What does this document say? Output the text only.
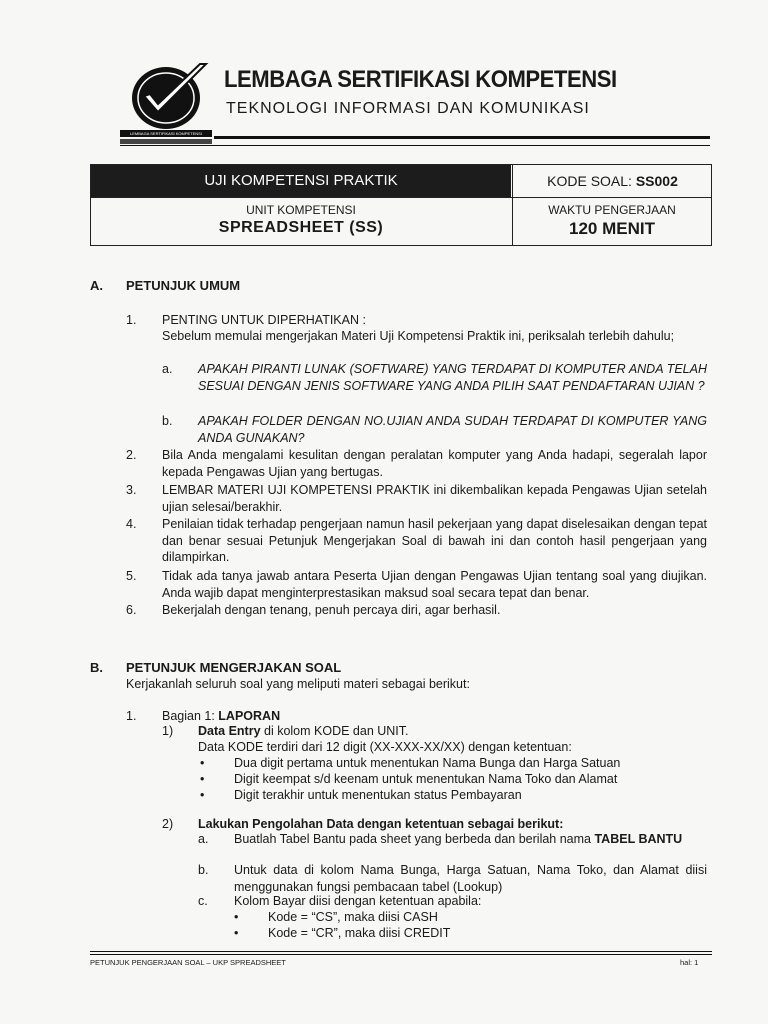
LEMBAGA SERTIFIKASI KOMPETENSI
TEKNOLOGI INFORMASI DAN KOMUNIKASI
LEMBAGA SERTIFIKASI KOMPETENSI
UJI KOMPETENSI PRAKTIK	KODE SOAL: SS002
UNIT KOMPETENSI
SPREADSHEET (SS)
WAKTU PENGERJAAN
120 MENIT
A. PETUNJUK UMUM
1. PENTING UNTUK DIPERHATIKAN :
Sebelum memulai mengerjakan Materi Uji Kompetensi Praktik ini, periksalah terlebih dahulu;
a. APAKAH PIRANTI LUNAK (SOFTWARE) YANG TERDAPAT DI KOMPUTER ANDA TELAH SESUAI DENGAN JENIS SOFTWARE YANG ANDA PILIH SAAT PENDAFTARAN UJIAN ?
b. APAKAH FOLDER DENGAN NO.UJIAN ANDA SUDAH TERDAPAT DI KOMPUTER YANG ANDA GUNAKAN?
2. Bila Anda mengalami kesulitan dengan peralatan komputer yang Anda hadapi, segeralah lapor kepada Pengawas Ujian yang bertugas.
3. LEMBAR MATERI UJI KOMPETENSI PRAKTIK ini dikembalikan kepada Pengawas Ujian setelah ujian selesai/berakhir.
4. Penilaian tidak terhadap pengerjaan namun hasil pekerjaan yang dapat diselesaikan dengan tepat dan benar sesuai Petunjuk Mengerjakan Soal di bawah ini dan contoh hasil pengerjaan yang dilampirkan.
5. Tidak ada tanya jawab antara Peserta Ujian dengan Pengawas Ujian tentang soal yang diujikan. Anda wajib dapat menginterprestasikan maksud soal secara tepat dan benar.
6. Bekerjalah dengan tenang, penuh percaya diri, agar berhasil.
B. PETUNJUK MENGERJAKAN SOAL
Kerjakanlah seluruh soal yang meliputi materi sebagai berikut:
1. Bagian 1: LAPORAN
1) Data Entry di kolom KODE dan UNIT.
Data KODE terdiri dari 12 digit (XX-XXX-XX/XX) dengan ketentuan:
• Dua digit pertama untuk menentukan Nama Bunga dan Harga Satuan
• Digit keempat s/d keenam untuk menentukan Nama Toko dan Alamat
• Digit terakhir untuk menentukan status Pembayaran
2) Lakukan Pengolahan Data dengan ketentuan sebagai berikut:
a. Buatlah Tabel Bantu pada sheet yang berbeda dan berilah nama TABEL BANTU
b. Untuk data di kolom Nama Bunga, Harga Satuan, Nama Toko, dan Alamat diisi menggunakan fungsi pembacaan tabel (Lookup)
c. Kolom Bayar diisi dengan ketentuan apabila:
• Kode = “CS”, maka diisi CASH
• Kode = “CR”, maka diisi CREDIT
PETUNJUK PENGERJAAN SOAL – UKP SPREADSHEET	hal: 1
